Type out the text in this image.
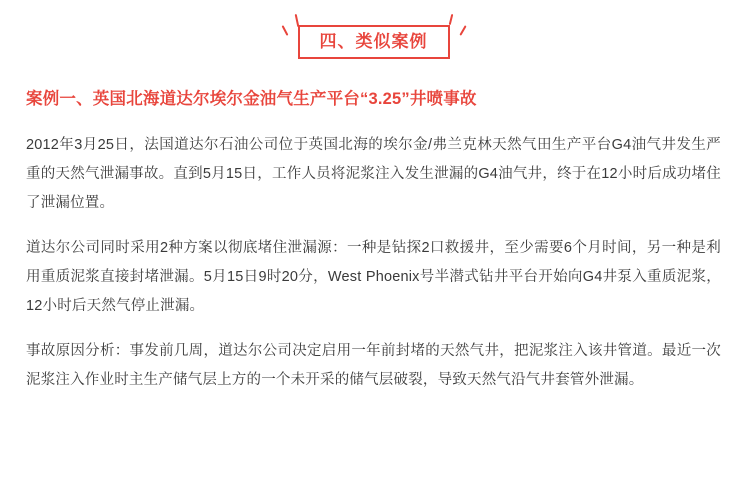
四、类似案例
案例一、英国北海道达尔埃尔金油气生产平台“3.25”井喷事故

2012年3月25日，法国道达尔石油公司位于英国北海的埃尔金/弗兰克林天然气田生产平台G4油气井发生严重的天然气泄漏事故。直到5月15日，工作人员将泥浆注入发生泄漏的G4油气井，终于在12小时后成功堵住了泄漏位置。

道达尔公司同时采用2种方案以彻底堵住泄漏源：一种是钻探2口救援井，至少需要6个月时间，另一种是利用重质泥浆直接封堵泄漏。5月15日9时20分，West Phoenix号半潜式钻井平台开始向G4井泵入重质泥浆，12小时后天然气停止泄漏。

事故原因分析：事发前几周，道达尔公司决定启用一年前封堵的天然气井，把泥浆注入该井管道。最近一次泥浆注入作业时主生产储气层上方的一个未开采的储气层破裂，导致天然气沿气井套管外泄漏。
